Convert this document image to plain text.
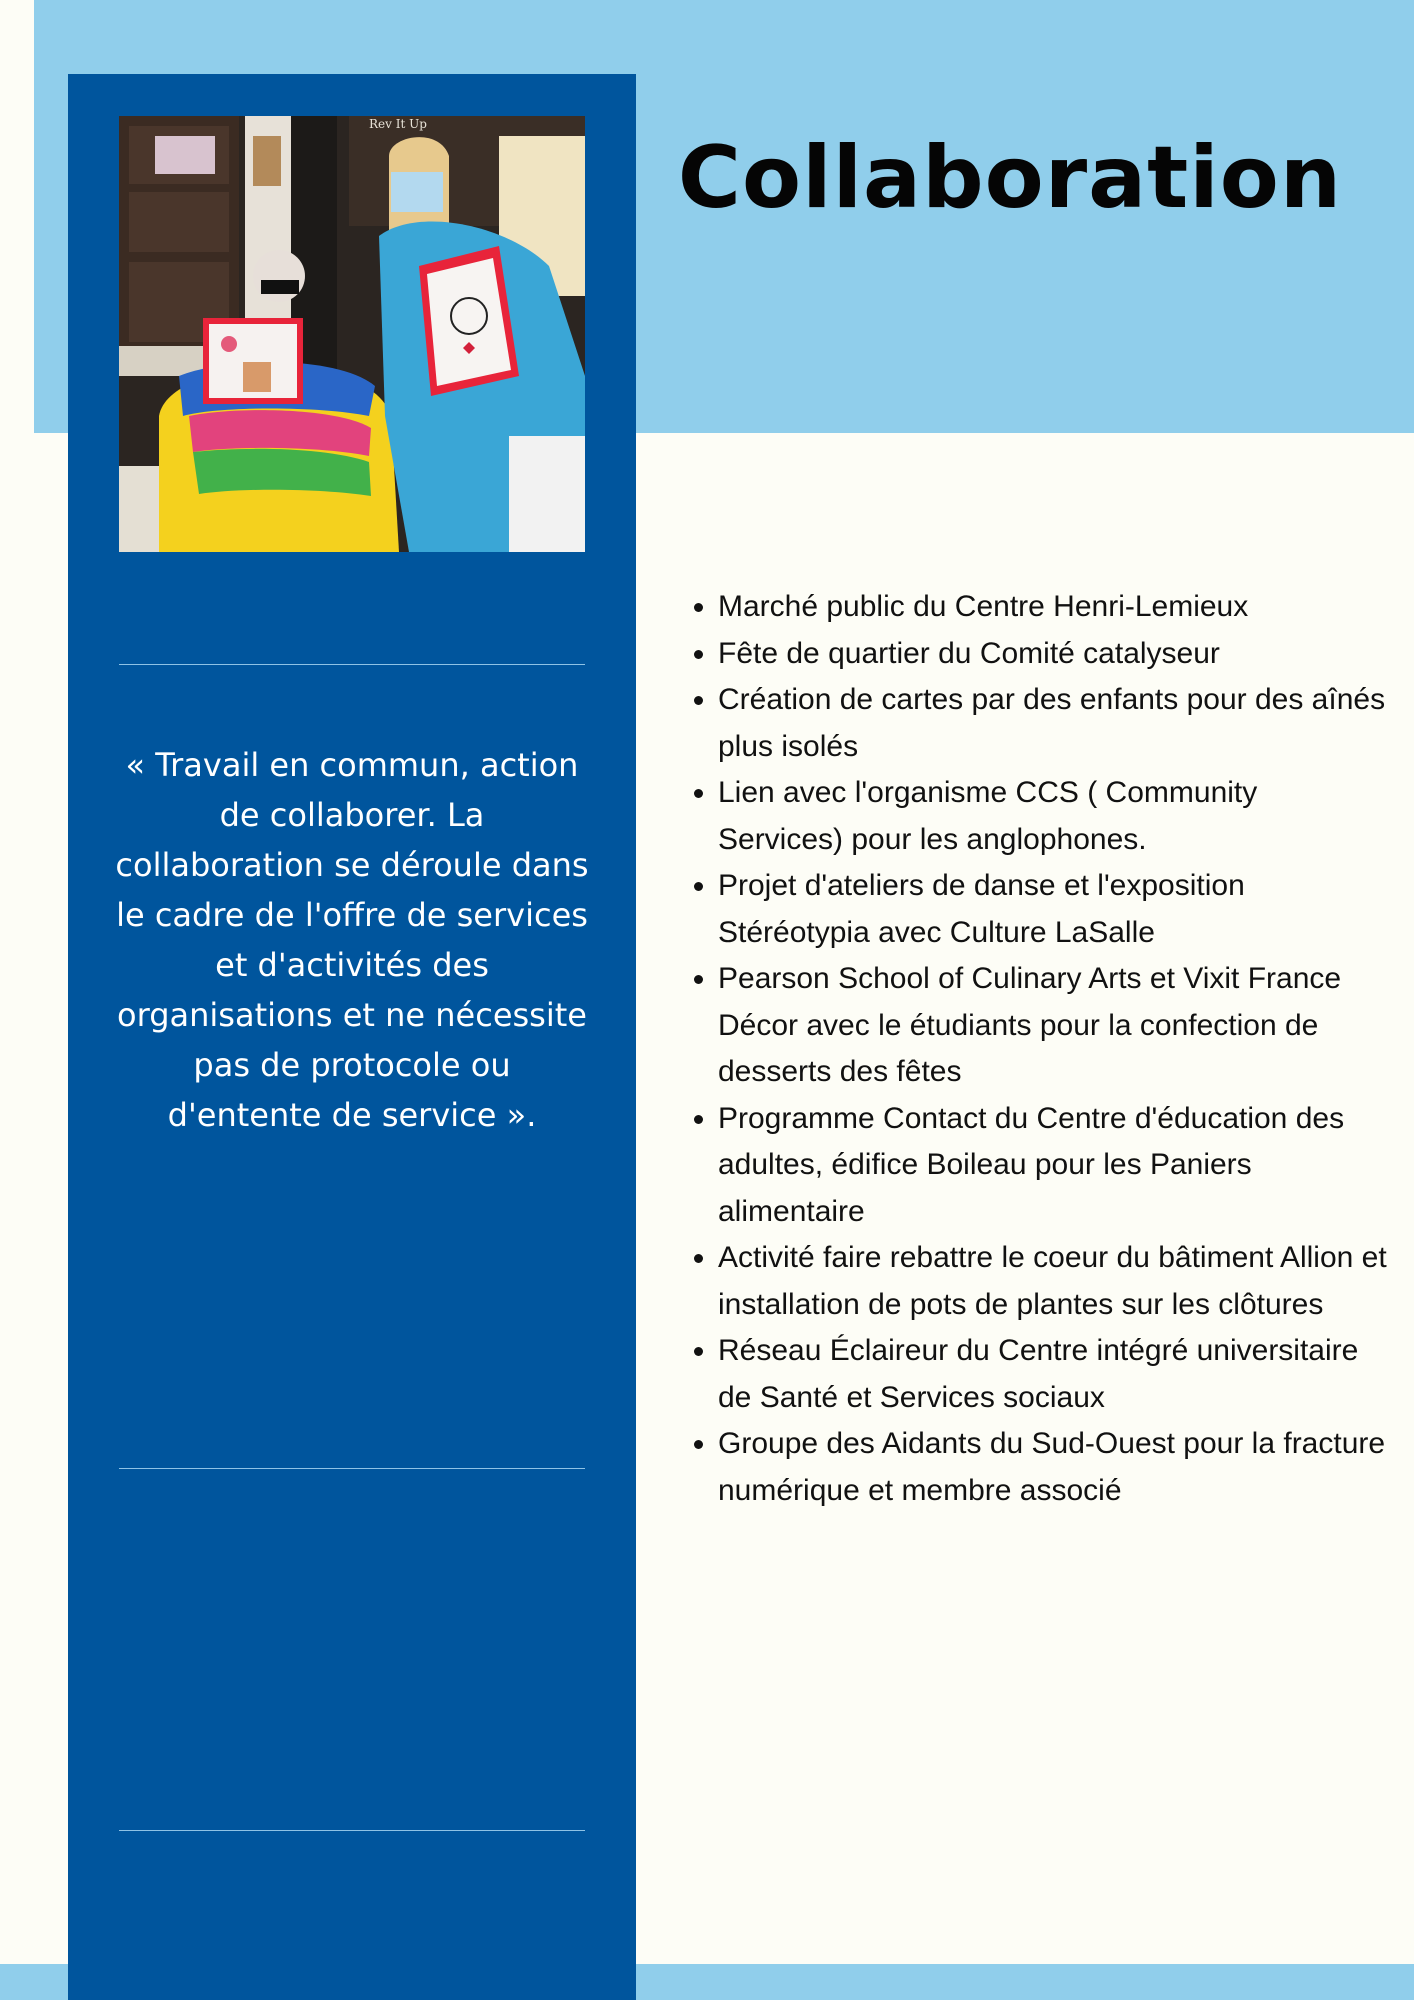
Rev It Up

« Travail en commun, action de collaborer. La collaboration se déroule dans le cadre de l'offre de services et d'activités des organisations et ne nécessite pas de protocole ou d'entente de service ».

Collaboration
• Marché public du Centre Henri-Lemieux
• Fête de quartier du Comité catalyseur
• Création de cartes par des enfants pour des aînés plus isolés
• Lien avec l'organisme CCS ( Community Services) pour les anglophones.
• Projet d'ateliers de danse et l'exposition Stéréotypia avec Culture LaSalle
• Pearson School of Culinary Arts et Vixit France Décor avec le étudiants pour la confection de desserts des fêtes
• Programme Contact du Centre d'éducation des adultes, édifice Boileau pour les Paniers alimentaire
• Activité faire rebattre le coeur du bâtiment Allion et installation de pots de plantes sur les clôtures
• Réseau Éclaireur du Centre intégré universitaire de Santé et Services sociaux
• Groupe des Aidants du Sud-Ouest pour la fracture numérique et membre associé
